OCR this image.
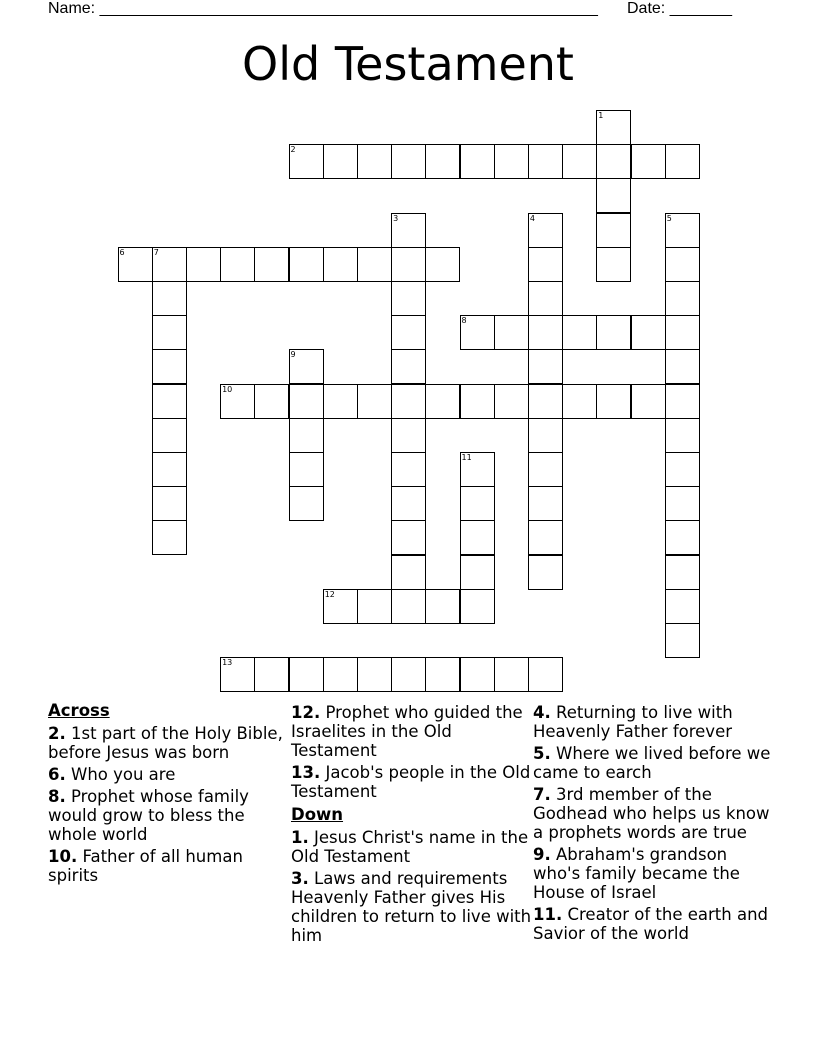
Name: ________________________________________________________ Date: _______
Old Testament
1
2
3	4	5
6	7
8
9
10
11
12
13
Across
2. 1st part of the Holy Bible, before Jesus was born
6. Who you are
8. Prophet whose family would grow to bless the whole world
10. Father of all human spirits
12. Prophet who guided the Israelites in the Old Testament
13. Jacob's people in the Old Testament
Down
1. Jesus Christ's name in the Old Testament
3. Laws and requirements Heavenly Father gives His children to return to live with him
4. Returning to live with Heavenly Father forever
5. Where we lived before we came to earch
7. 3rd member of the Godhead who helps us know a prophets words are true
9. Abraham's grandson who's family became the House of Israel
11. Creator of the earth and Savior of the world
